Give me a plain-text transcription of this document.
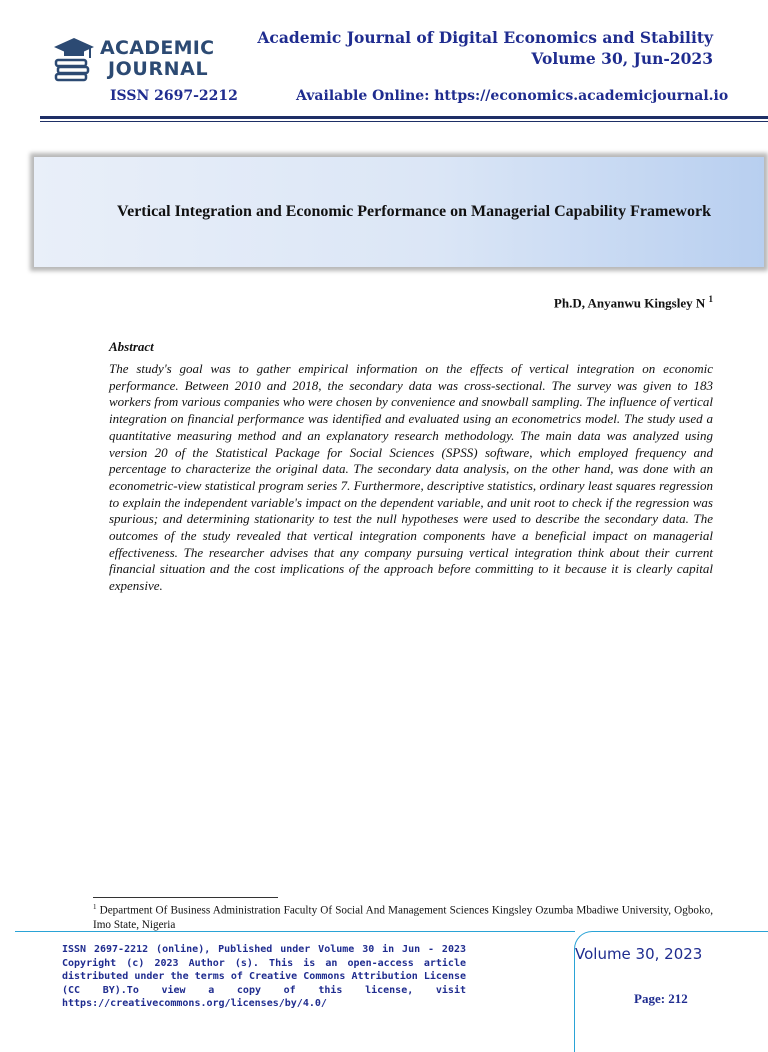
ACADEMIC
JOURNAL
Academic Journal of Digital Economics and Stability
Volume 30, Jun-2023
ISSN 2697-2212	Available Online: https://economics.academicjournal.io
Vertical Integration and Economic Performance on Managerial Capability Framework
Ph.D, Anyanwu Kingsley N $^1$
Abstract
The study's goal was to gather empirical information on the effects of vertical integration on economic performance. Between 2010 and 2018, the secondary data was cross-sectional. The survey was given to 183 workers from various companies who were chosen by convenience and snowball sampling. The influence of vertical integration on financial performance was identified and evaluated using an econometrics model. The study used a quantitative measuring method and an explanatory research methodology. The main data was analyzed using version 20 of the Statistical Package for Social Sciences (SPSS) software, which employed frequency and percentage to characterize the original data. The secondary data analysis, on the other hand, was done with an econometric-view statistical program series 7. Furthermore, descriptive statistics, ordinary least squares regression to explain the independent variable's impact on the dependent variable, and unit root to check if the regression was spurious; and determining stationarity to test the null hypotheses were used to describe the secondary data. The outcomes of the study revealed that vertical integration components have a beneficial impact on managerial effectiveness. The researcher advises that any company pursuing vertical integration think about their current financial situation and the cost implications of the approach before committing to it because it is clearly capital expensive.
$^1$ Department Of Business Administration Faculty Of Social And Management Sciences Kingsley Ozumba Mbadiwe University, Ogboko, Imo State, Nigeria
ISSN 2697-2212 (online), Published under Volume 30 in Jun - 2023 Copyright (c) 2023 Author (s). This is an open-access article distributed under the terms of Creative Commons Attribution License (CC BY).To view a copy of this license, visit https://creativecommons.org/licenses/by/4.0/
Volume 30, 2023
Page: 212
